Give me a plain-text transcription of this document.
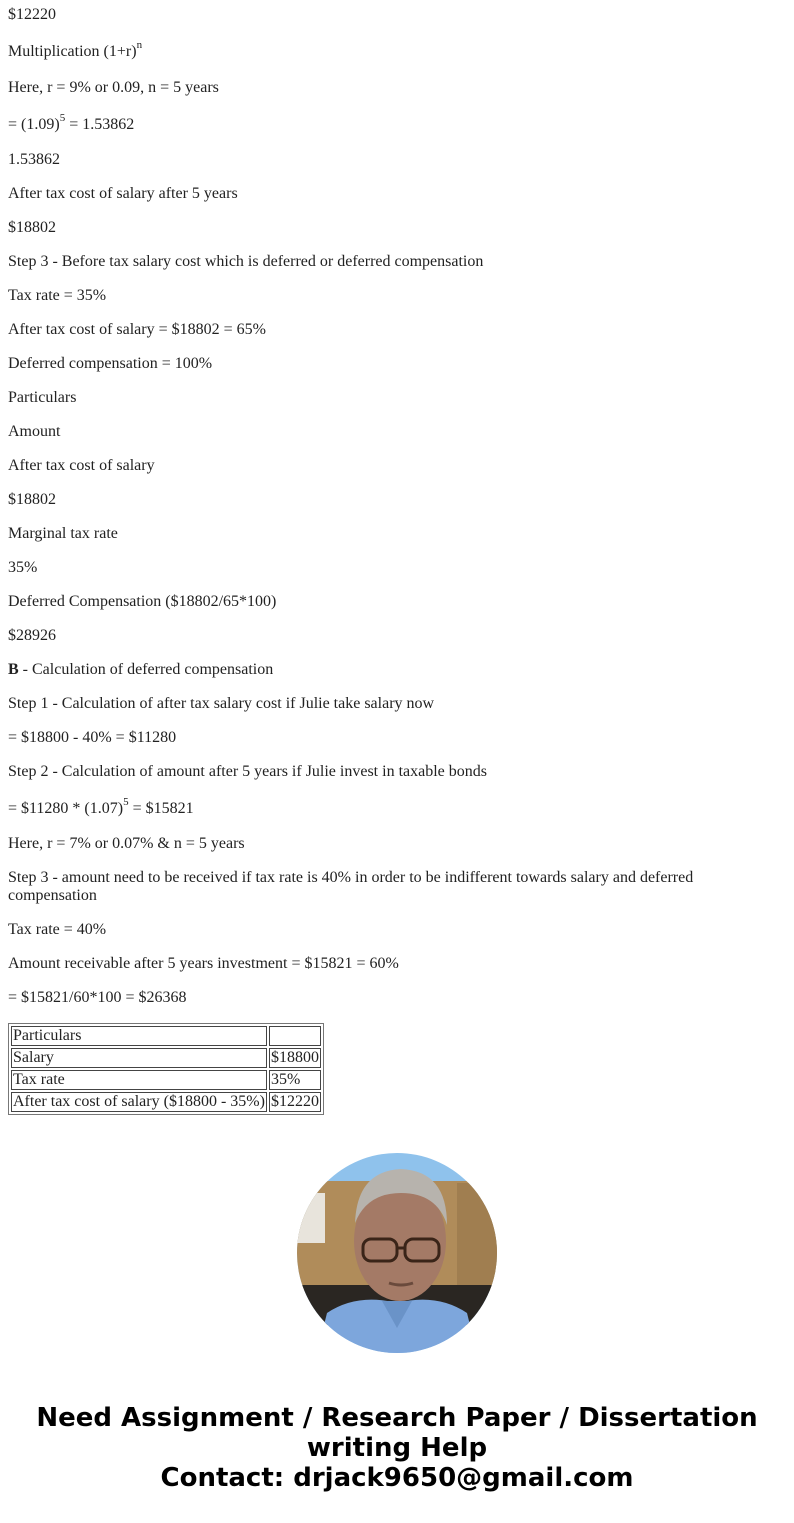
$12220

Multiplication $(1+r)^n$

Here, r = 9% or 0.09, n = 5 years

= $(1.09)^5 = 1.53862$

1.53862

After tax cost of salary after 5 years

$18802

Step 3 - Before tax salary cost which is deferred or deferred compensation

Tax rate = 35%

After tax cost of salary = $18802 = 65%

Deferred compensation = 100%

Particulars

Amount

After tax cost of salary

$18802

Marginal tax rate

35%

Deferred Compensation ($18802/65*100)

$28926

B - Calculation of deferred compensation

Step 1 - Calculation of after tax salary cost if Julie take salary now

= $18800 - 40% = $11280

Step 2 - Calculation of amount after 5 years if Julie invest in taxable bonds

= $11280 * $(1.07)^5$ = $15821

Here, r = 7% or 0.07% & n = 5 years

Step 3 - amount need to be received if tax rate is 40% in order to be indifferent towards salary and deferred compensation

Tax rate = 40%

Amount receivable after 5 years investment = $15821 = 60%

= $15821/60*100 = $26368

Particulars	
Salary	$18800
Tax rate	35%
After tax cost of salary ($18800 - 35%)	$12220
Need Assignment / Research Paper / Dissertation
writing Help
Contact: drjack9650@gmail.com
